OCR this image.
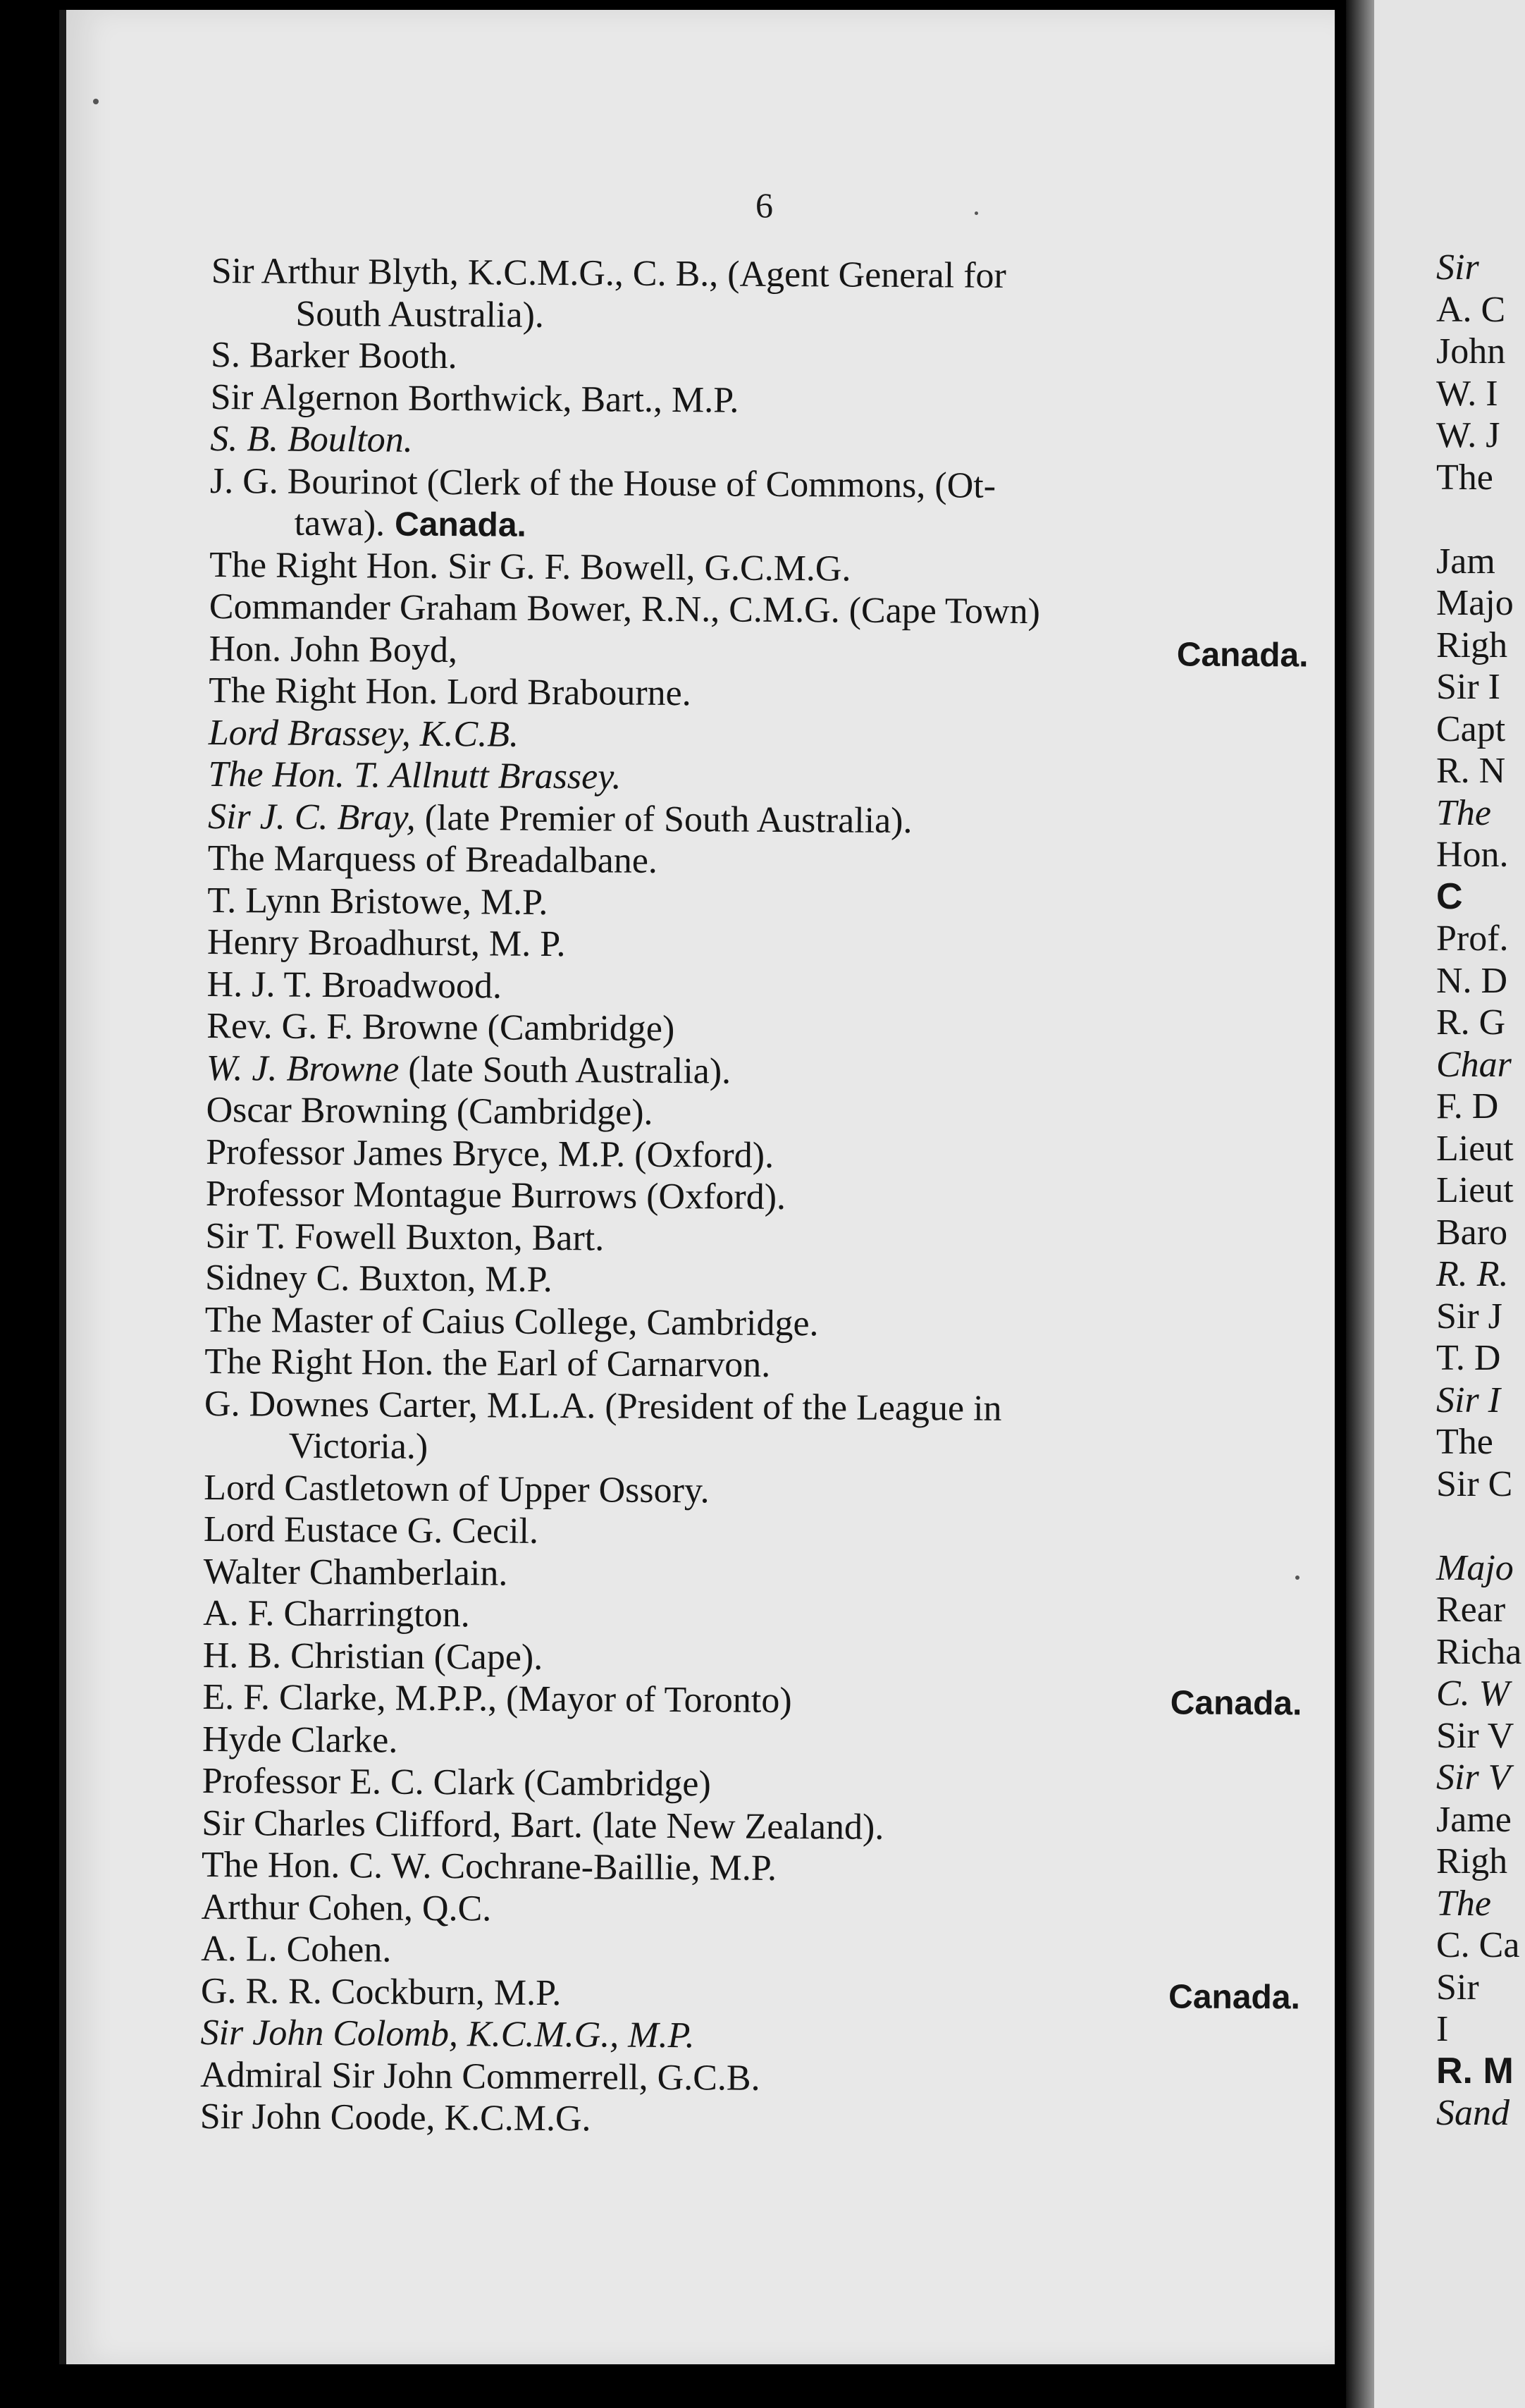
Sir
A. C
John
W. I
W. J
The
Jam
Majo
Righ
Sir I
Capt
R. N
The
Hon.
C
Prof.
N. D
R. G
Char
F. D
Lieut
Lieut
Baro
R. R.
Sir J
T. D
Sir I
The
Sir C
Majo
Rear
Richa
C. W
Sir V
Sir V
Jame
Righ
The
C. Ca
Sir
I
R. M
Sand
6
Sir Arthur Blyth, K.C.M.G., C. B., (Agent General for
South Australia).
S. Barker Booth.
Sir Algernon Borthwick, Bart., M.P.
S. B. Boulton.
J. G. Bourinot (Clerk of the House of Commons, (Ot-
tawa). Canada.
The Right Hon. Sir G. F. Bowell, G.C.M.G.
Commander Graham Bower, R.N., C.M.G. (Cape Town)
Hon. John Boyd,	Canada.
The Right Hon. Lord Brabourne.
Lord Brassey, K.C.B.
The Hon. T. Allnutt Brassey.
Sir J. C. Bray, (late Premier of South Australia).
The Marquess of Breadalbane.
T. Lynn Bristowe, M.P.
Henry Broadhurst, M. P.
H. J. T. Broadwood.
Rev. G. F. Browne (Cambridge)
W. J. Browne (late South Australia).
Oscar Browning (Cambridge).
Professor James Bryce, M.P. (Oxford).
Professor Montague Burrows (Oxford).
Sir T. Fowell Buxton, Bart.
Sidney C. Buxton, M.P.
The Master of Caius College, Cambridge.
The Right Hon. the Earl of Carnarvon.
G. Downes Carter, M.L.A. (President of the League in
Victoria.)
Lord Castletown of Upper Ossory.
Lord Eustace G. Cecil.
Walter Chamberlain.
A. F. Charrington.
H. B. Christian (Cape).
E. F. Clarke, M.P.P., (Mayor of Toronto)	Canada.
Hyde Clarke.
Professor E. C. Clark (Cambridge)
Sir Charles Clifford, Bart. (late New Zealand).
The Hon. C. W. Cochrane-Baillie, M.P.
Arthur Cohen, Q.C.
A. L. Cohen.
G. R. R. Cockburn, M.P.	Canada.
Sir John Colomb, K.C.M.G., M.P.
Admiral Sir John Commerrell, G.C.B.
Sir John Coode, K.C.M.G.
